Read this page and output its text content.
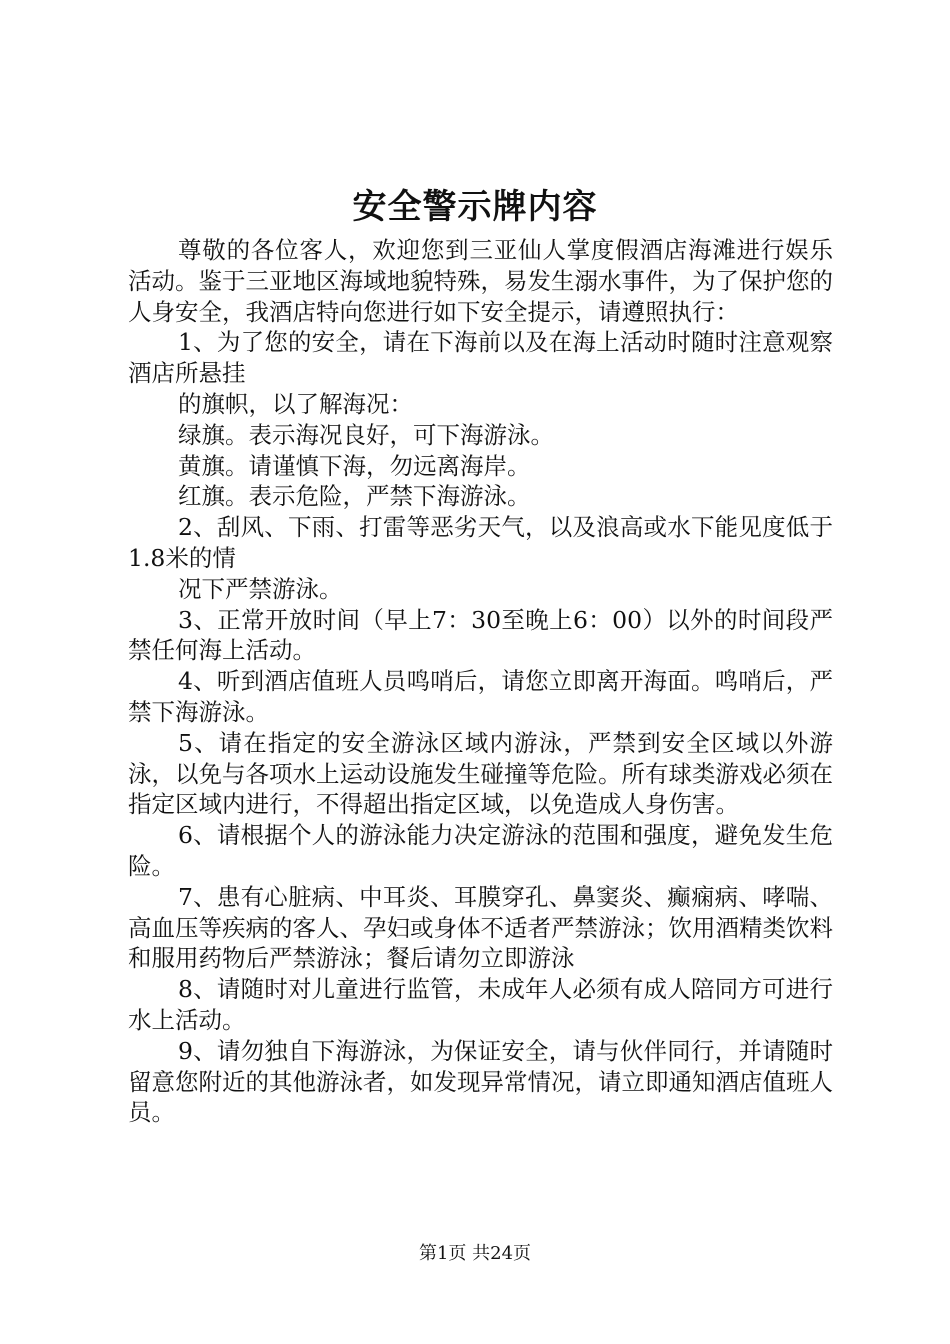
安全警示牌内容

尊敬的各位客人，欢迎您到三亚仙人掌度假酒店海滩进行娱乐活动。鉴于三亚地区海域地貌特殊，易发生溺水事件，为了保护您的人身安全，我酒店特向您进行如下安全提示，请遵照执行：

1、为了您的安全，请在下海前以及在海上活动时随时注意观察酒店所悬挂

的旗帜，以了解海况：

绿旗。表示海况良好，可下海游泳。

黄旗。请谨慎下海，勿远离海岸。

红旗。表示危险，严禁下海游泳。

2、刮风、下雨、打雷等恶劣天气，以及浪高或水下能见度低于1.8米的情

况下严禁游泳。

3、正常开放时间（早上7：30至晚上6：00）以外的时间段严禁任何海上活动。

4、听到酒店值班人员鸣哨后，请您立即离开海面。鸣哨后，严禁下海游泳。

5、请在指定的安全游泳区域内游泳，严禁到安全区域以外游泳，以免与各项水上运动设施发生碰撞等危险。所有球类游戏必须在指定区域内进行，不得超出指定区域，以免造成人身伤害。

6、请根据个人的游泳能力决定游泳的范围和强度，避免发生危险。

7、患有心脏病、中耳炎、耳膜穿孔、鼻窦炎、癫痫病、哮喘、高血压等疾病的客人、孕妇或身体不适者严禁游泳；饮用酒精类饮料和服用药物后严禁游泳；餐后请勿立即游泳

8、请随时对儿童进行监管，未成年人必须有成人陪同方可进行水上活动。

9、请勿独自下海游泳，为保证安全，请与伙伴同行，并请随时留意您附近的其他游泳者，如发现异常情况，请立即通知酒店值班人员。

第1页 共24页
